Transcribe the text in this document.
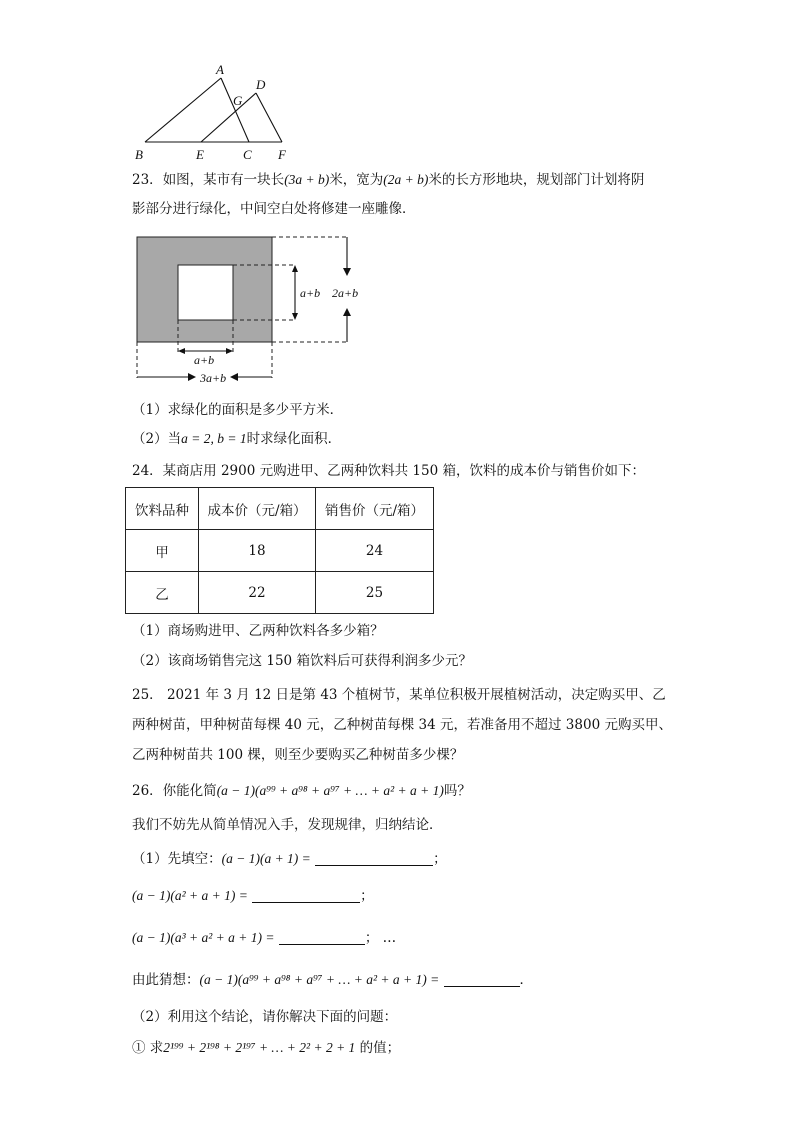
A
B	C
D
E	F
G
23．如图，某市有一块长(3a + b)米，宽为(2a + b)米的长方形地块，规划部门计划将阴
影部分进行绿化，中间空白处将修建一座雕像．
a+b 2a+b
a+b
3a+b
（1）求绿化的面积是多少平方米．
（2）当a = 2, b = 1时求绿化面积．
24．某商店用 2900 元购进甲、乙两种饮料共 150 箱，饮料的成本价与销售价如下：
饮料品种	成本价（元/箱）	销售价（元/箱）
甲	18	24
乙	22	25
（1）商场购进甲、乙两种饮料各多少箱？
（2）该商场销售完这 150 箱饮料后可获得利润多少元？
25． 2021 年 3 月 12 日是第 43 个植树节，某单位积极开展植树活动，决定购买甲、乙
两种树苗，甲种树苗每棵 40 元，乙种树苗每棵 34 元，若准备用不超过 3800 元购买甲、
乙两种树苗共 100 棵，则至少要购买乙种树苗多少棵？
26．你能化简(a − 1)(a⁹⁹ + a⁹⁸ + a⁹⁷ + … + a² + a + 1)吗？
我们不妨先从简单情况入手，发现规律，归纳结论．
（1）先填空：(a − 1)(a + 1) =	；
(a − 1)(a² + a + 1) =	；
(a − 1)(a³ + a² + a + 1) =	； …
由此猜想：(a − 1)(a⁹⁹ + a⁹⁸ + a⁹⁷ + … + a² + a + 1) =	．
（2）利用这个结论，请你解决下面的问题：
① 求2¹⁹⁹ + 2¹⁹⁸ + 2¹⁹⁷ + … + 2² + 2 + 1 的值；
